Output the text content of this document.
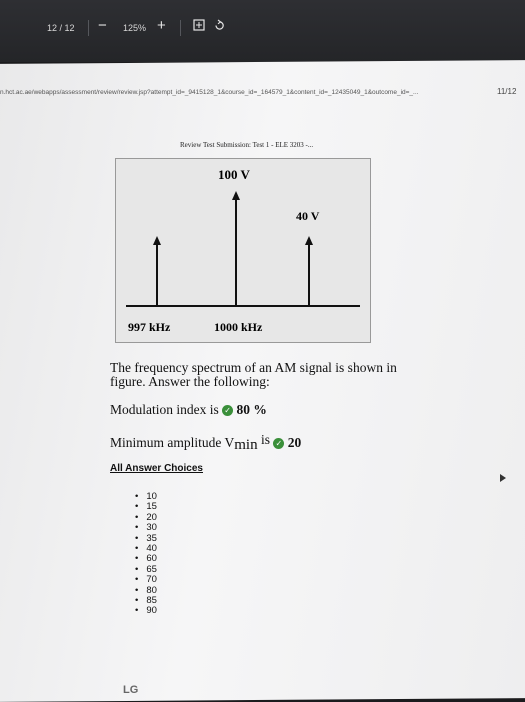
12 / 12 − 125% +
n.hct.ac.ae/webapps/assessment/review/review.jsp?attempt_id=_9415128_1&course_id=_164579_1&content_id=_12435049_1&outcome_id=_...	11/12
Review Test Submission: Test 1 - ELE 3203 -...
100 V
40 V
997 kHz	1000 kHz
The frequency spectrum of an AM signal is shown in figure. Answer the following:
Modulation index is ✓ 80 %
Minimum amplitude Vmin is ✓ 20
All Answer Choices
• 10
• 15
• 20
• 30
• 35
• 40
• 60
• 65
• 70
• 80
• 85
• 90
LG
